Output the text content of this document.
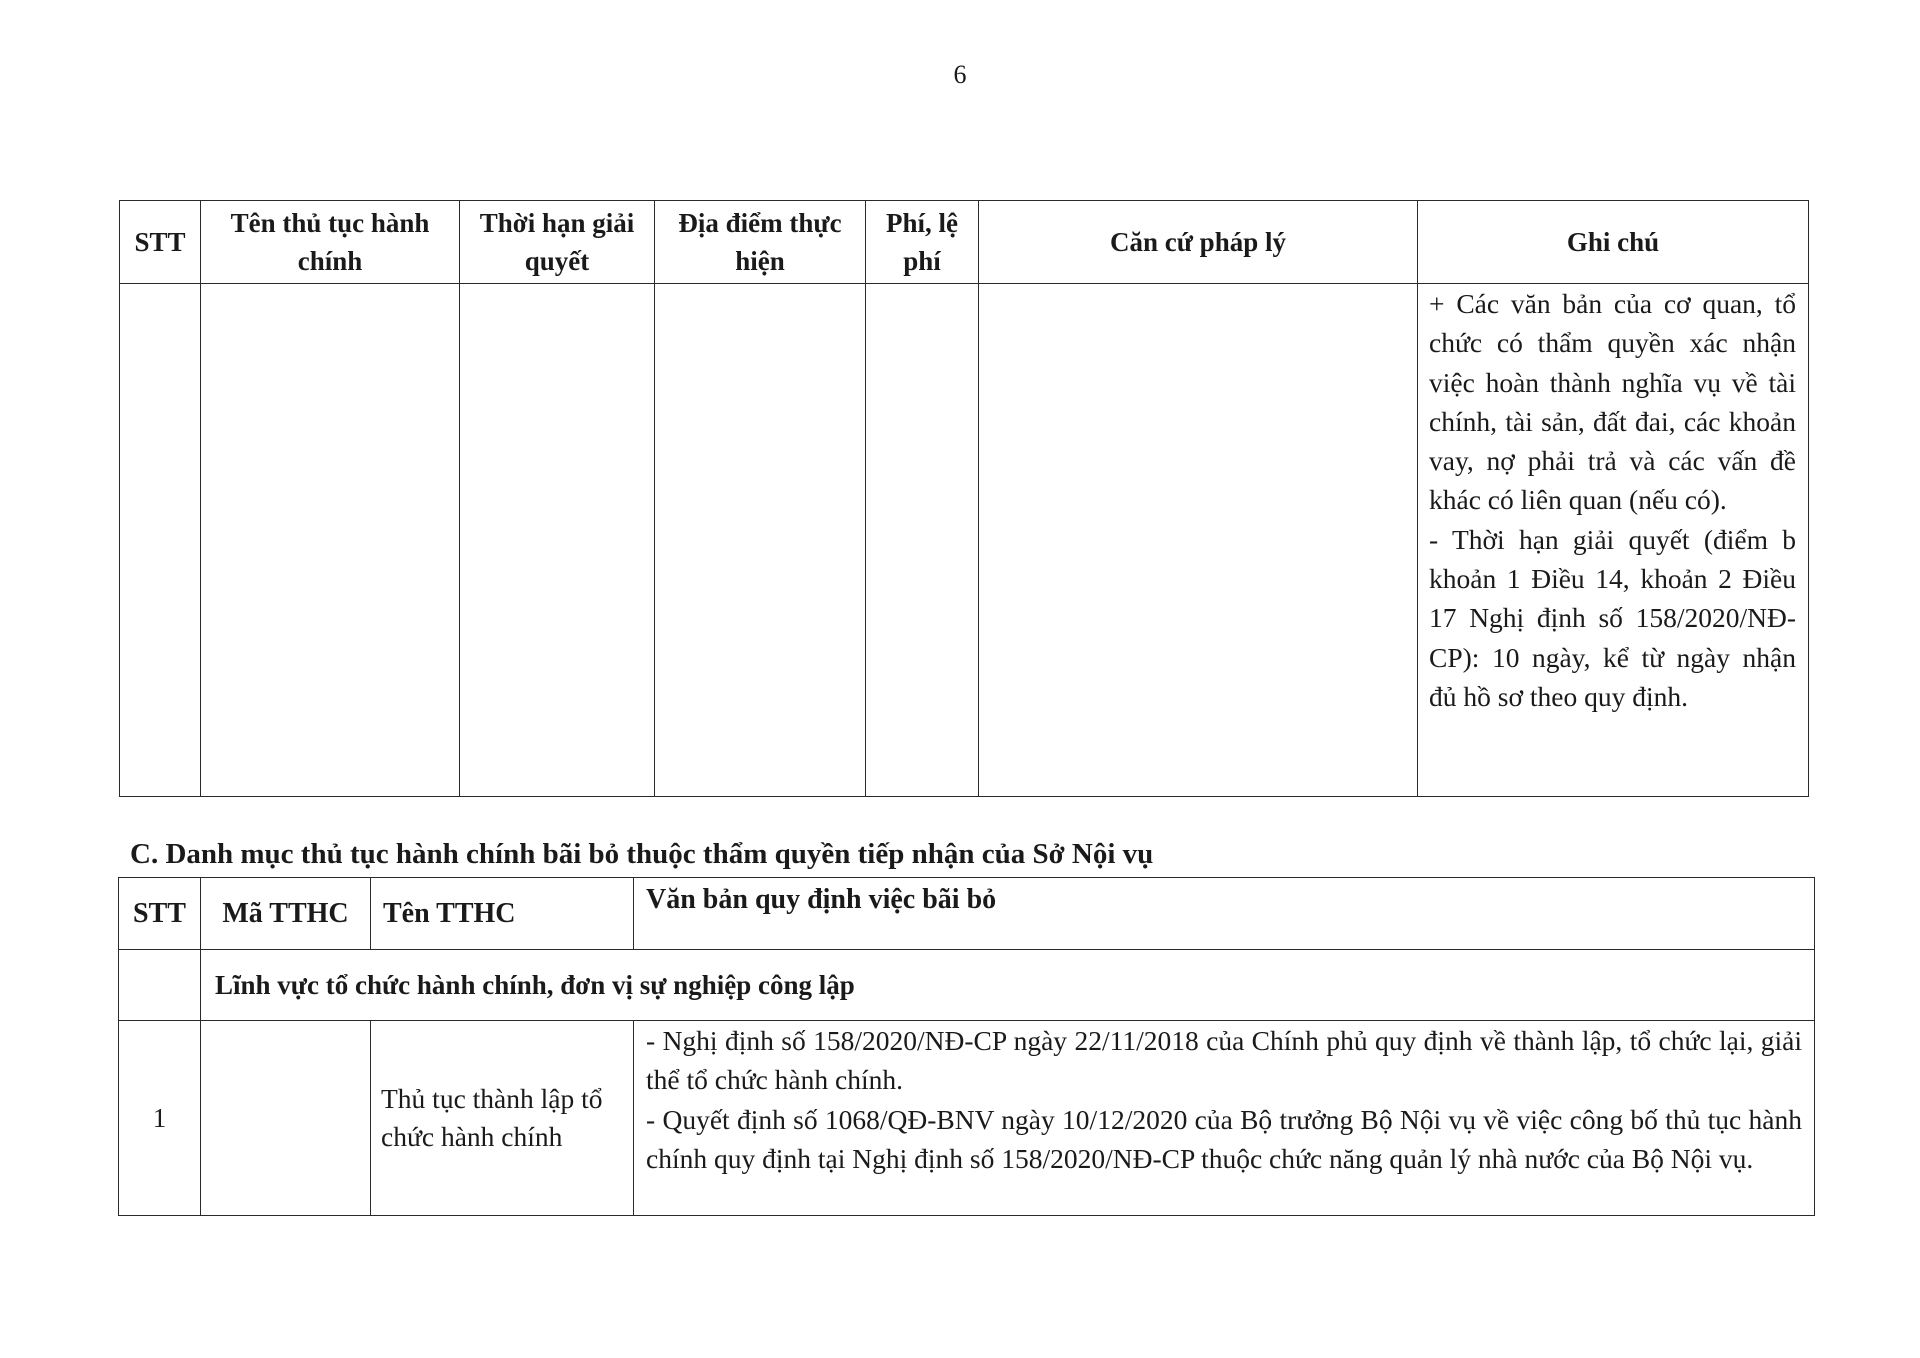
6
STT	Tên thủ tục hành chính	Thời hạn giải quyết	Địa điểm thực hiện	Phí, lệ phí	Căn cứ pháp lý	Ghi chú

						+ Các văn bản của cơ quan, tổ chức có thẩm quyền xác nhận việc hoàn thành nghĩa vụ về tài chính, tài sản, đất đai, các khoản vay, nợ phải trả và các vấn đề khác có liên quan (nếu có).

- Thời hạn giải quyết (điểm b khoản 1 Điều 14, khoản 2 Điều 17 Nghị định số 158/2020/NĐ-CP): 10 ngày, kể từ ngày nhận đủ hồ sơ theo quy định.

C. Danh mục thủ tục hành chính bãi bỏ thuộc thẩm quyền tiếp nhận của Sở Nội vụ
STT	Mã TTHC	Tên TTHC	Văn bản quy định việc bãi bỏ
	Lĩnh vực tổ chức hành chính, đơn vị sự nghiệp công lập		
1		Thủ tục thành lập tổ chức hành chính	- Nghị định số 158/2020/NĐ-CP ngày 22/11/2018 của Chính phủ quy định về thành lập, tổ chức lại, giải thể tổ chức hành chính.

- Quyết định số 1068/QĐ-BNV ngày 10/12/2020 của Bộ trưởng Bộ Nội vụ về việc công bố thủ tục hành chính quy định tại Nghị định số 158/2020/NĐ-CP thuộc chức năng quản lý nhà nước của Bộ Nội vụ.
